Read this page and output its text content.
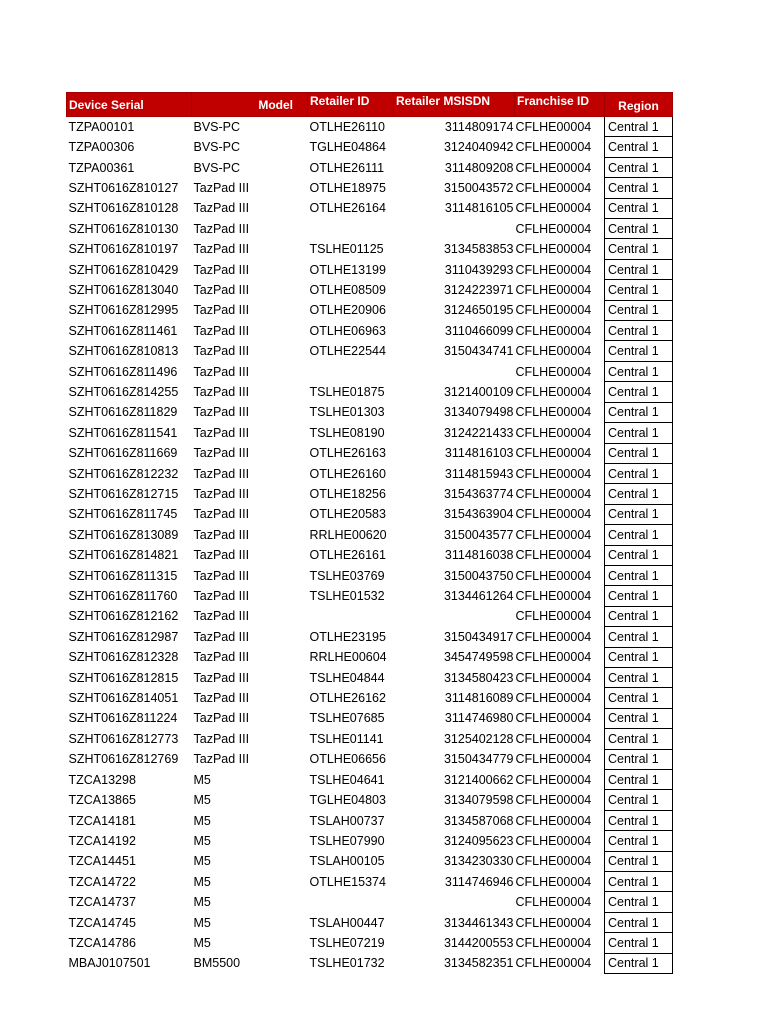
Device Serial	Model	Retailer ID	Retailer MSISDN	Franchise ID	Region
TZPA00101	BVS-PC	OTLHE26110	3114809174	CFLHE00004	Central 1
TZPA00306	BVS-PC	TGLHE04864	3124040942	CFLHE00004	Central 1
TZPA00361	BVS-PC	OTLHE26111	3114809208	CFLHE00004	Central 1
SZHT0616Z810127	TazPad III	OTLHE18975	3150043572	CFLHE00004	Central 1
SZHT0616Z810128	TazPad III	OTLHE26164	3114816105	CFLHE00004	Central 1
SZHT0616Z810130	TazPad III			CFLHE00004	Central 1
SZHT0616Z810197	TazPad III	TSLHE01125	3134583853	CFLHE00004	Central 1
SZHT0616Z810429	TazPad III	OTLHE13199	3110439293	CFLHE00004	Central 1
SZHT0616Z813040	TazPad III	OTLHE08509	3124223971	CFLHE00004	Central 1
SZHT0616Z812995	TazPad III	OTLHE20906	3124650195	CFLHE00004	Central 1
SZHT0616Z811461	TazPad III	OTLHE06963	3110466099	CFLHE00004	Central 1
SZHT0616Z810813	TazPad III	OTLHE22544	3150434741	CFLHE00004	Central 1
SZHT0616Z811496	TazPad III			CFLHE00004	Central 1
SZHT0616Z814255	TazPad III	TSLHE01875	3121400109	CFLHE00004	Central 1
SZHT0616Z811829	TazPad III	TSLHE01303	3134079498	CFLHE00004	Central 1
SZHT0616Z811541	TazPad III	TSLHE08190	3124221433	CFLHE00004	Central 1
SZHT0616Z811669	TazPad III	OTLHE26163	3114816103	CFLHE00004	Central 1
SZHT0616Z812232	TazPad III	OTLHE26160	3114815943	CFLHE00004	Central 1
SZHT0616Z812715	TazPad III	OTLHE18256	3154363774	CFLHE00004	Central 1
SZHT0616Z811745	TazPad III	OTLHE20583	3154363904	CFLHE00004	Central 1
SZHT0616Z813089	TazPad III	RRLHE00620	3150043577	CFLHE00004	Central 1
SZHT0616Z814821	TazPad III	OTLHE26161	3114816038	CFLHE00004	Central 1
SZHT0616Z811315	TazPad III	TSLHE03769	3150043750	CFLHE00004	Central 1
SZHT0616Z811760	TazPad III	TSLHE01532	3134461264	CFLHE00004	Central 1
SZHT0616Z812162	TazPad III			CFLHE00004	Central 1
SZHT0616Z812987	TazPad III	OTLHE23195	3150434917	CFLHE00004	Central 1
SZHT0616Z812328	TazPad III	RRLHE00604	3454749598	CFLHE00004	Central 1
SZHT0616Z812815	TazPad III	TSLHE04844	3134580423	CFLHE00004	Central 1
SZHT0616Z814051	TazPad III	OTLHE26162	3114816089	CFLHE00004	Central 1
SZHT0616Z811224	TazPad III	TSLHE07685	3114746980	CFLHE00004	Central 1
SZHT0616Z812773	TazPad III	TSLHE01141	3125402128	CFLHE00004	Central 1
SZHT0616Z812769	TazPad III	OTLHE06656	3150434779	CFLHE00004	Central 1
TZCA13298	M5	TSLHE04641	3121400662	CFLHE00004	Central 1
TZCA13865	M5	TGLHE04803	3134079598	CFLHE00004	Central 1
TZCA14181	M5	TSLAH00737	3134587068	CFLHE00004	Central 1
TZCA14192	M5	TSLHE07990	3124095623	CFLHE00004	Central 1
TZCA14451	M5	TSLAH00105	3134230330	CFLHE00004	Central 1
TZCA14722	M5	OTLHE15374	3114746946	CFLHE00004	Central 1
TZCA14737	M5			CFLHE00004	Central 1
TZCA14745	M5	TSLAH00447	3134461343	CFLHE00004	Central 1
TZCA14786	M5	TSLHE07219	3144200553	CFLHE00004	Central 1
MBAJ0107501	BM5500	TSLHE01732	3134582351	CFLHE00004	Central 1
